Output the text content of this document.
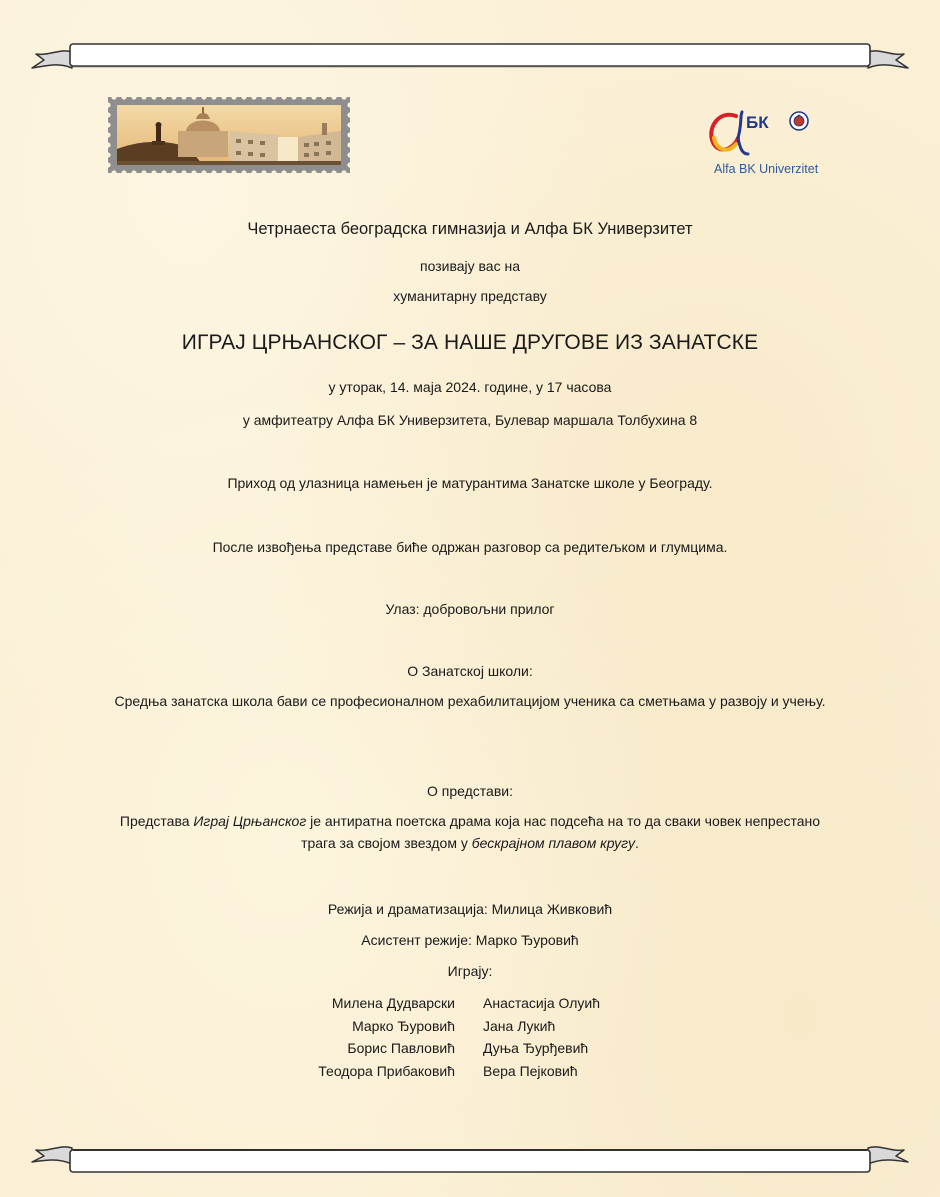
БК
Alfa BK Univerzitet
Четрнаеста београдска гимназија и Алфа БК Универзитет
позивају вас на
хуманитарну представу
ИГРАЈ ЦРЊАНСКОГ – ЗА НАШЕ ДРУГОВЕ ИЗ ЗАНАТСКЕ
у уторак, 14. маја 2024. године, у 17 часова
у амфитеатру Алфа БК Универзитета, Булевар маршала Толбухина 8
Приход од улазница намењен је матурантима Занатске школе у Београду.
После извођења представе биће одржан разговор са редитељком и глумцима.
Улаз: добровољни прилог
О Занатској школи:
Средња занатска школа бави се професионалном рехабилитацијом ученика са сметњама у развоју и учењу.
О представи:
Представа Играј Црњанског је антиратна поетска драма која нас подсећа на то да сваки човек непрестано трага за својом звездом у бескрајном плавом кругу.
Режија и драматизација: Милица Живковић
Асистент режије: Марко Ђуровић
Играју:
Милена Дудварски
Марко Ђуровић
Борис Павловић
Теодора Прибаковић
Анастасија Олуић
Јана Лукић
Дуња Ђурђевић
Вера Пејковић
